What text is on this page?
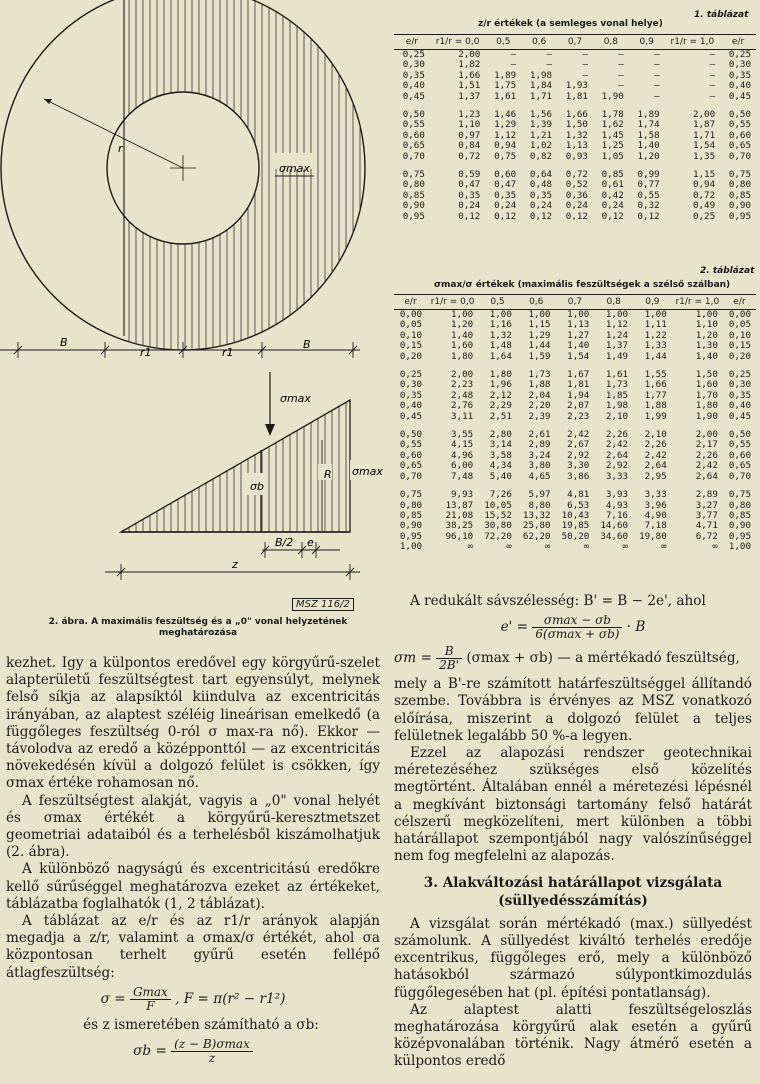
r
σmax
B
r1	r1
B
σmax
R σmax
σb
B/2 e
z
MSZ 116/2
2. ábra. A maximális feszültség és a „0" vonal helyzetének meghatározása
1. táblázat
z/r értékek (a semleges vonal helye)
e/r	r1/r = 0,0	0,5	0,6	0,7	0,8	0,9	r1/r = 1,0	e/r
0,25	2,00	—	—	—	—	—	—	0,25
0,30	1,82	—	—	—	—	—	—	0,30
0,35	1,66	1,89	1,98	—	—	—	—	0,35
0,40	1,51	1,75	1,84	1,93	—	—	—	0,40
0,45	1,37	1,61	1,71	1,81	1,90	—	—	0,45

0,50	1,23	1,46	1,56	1,66	1,78	1,89	2,00	0,50
0,55	1,10	1,29	1,39	1,50	1,62	1,74	1,87	0,55
0,60	0,97	1,12	1,21	1,32	1,45	1,58	1,71	0,60
0,65	0,84	0,94	1,02	1,13	1,25	1,40	1,54	0,65
0,70	0,72	0,75	0,82	0,93	1,05	1,20	1,35	0,70

0,75	0,59	0,60	0,64	0,72	0,85	0,99	1,15	0,75
0,80	0,47	0,47	0,48	0,52	0,61	0,77	0,94	0,80
0,85	0,35	0,35	0,35	0,36	0,42	0,55	0,72	0,85
0,90	0,24	0,24	0,24	0,24	0,24	0,32	0,49	0,90
0,95	0,12	0,12	0,12	0,12	0,12	0,12	0,25	0,95
2. táblázat
σmax/σ értékek (maximális feszültségek a szélső szálban)
e/r	r1/r = 0,0	0,5	0,6	0,7	0,8	0,9	r1/r = 1,0	e/r
0,00	1,00	1,00	1,00	1,00	1,00	1,00	1,00	0,00
0,05	1,20	1,16	1,15	1,13	1,12	1,11	1,10	0,05
0,10	1,40	1,32	1,29	1,27	1,24	1,22	1,20	0,10
0,15	1,60	1,48	1,44	1,40	1,37	1,33	1,30	0,15
0,20	1,80	1,64	1,59	1,54	1,49	1,44	1,40	0,20

0,25	2,00	1,80	1,73	1,67	1,61	1,55	1,50	0,25
0,30	2,23	1,96	1,88	1,81	1,73	1,66	1,60	0,30
0,35	2,48	2,12	2,04	1,94	1,85	1,77	1,70	0,35
0,40	2,76	2,29	2,20	2,07	1,98	1,88	1,80	0,40
0,45	3,11	2,51	2,39	2,23	2,10	1,99	1,90	0,45

0,50	3,55	2,80	2,61	2,42	2,26	2,10	2,00	0,50
0,55	4,15	3,14	2,89	2,67	2,42	2,26	2,17	0,55
0,60	4,96	3,58	3,24	2,92	2,64	2,42	2,26	0,60
0,65	6,00	4,34	3,80	3,30	2,92	2,64	2,42	0,65
0,70	7,48	5,40	4,65	3,86	3,33	2,95	2,64	0,70

0,75	9,93	7,26	5,97	4,81	3,93	3,33	2,89	0,75
0,80	13,87	10,05	8,80	6,53	4,93	3,96	3,27	0,80
0,85	21,08	15,52	13,32	10,43	7,16	4,90	3,77	0,85
0,90	38,25	30,80	25,80	19,85	14,60	7,18	4,71	0,90
0,95	96,10	72,20	62,20	50,20	34,60	19,80	6,72	0,95
1,00	∞	∞	∞	∞	∞	∞	∞	1,00

kezhet. Igy a külpontos eredővel egy körgyűrű-szelet alapterületű feszültségtest tart egyensúlyt, melynek felső síkja az alapsíktól kiindulva az excentricitás irányában, az alaptest széléig lineárisan emelkedő (a függőleges feszültség 0-ról σ max-ra nő). Ekkor — távolodva az eredő a középponttól — az excentricitás növekedésén kívül a dolgozó felület is csökken, így σmax értéke rohamosan nő.

A feszültségtest alakját, vagyis a „0" vonal helyét és σmax értékét a körgyűrű-keresztmetszet geometriai adataiból és a terhelésből kiszámolhatjuk (2. ábra).

A különböző nagyságú és excentricitású eredőkre kellő sűrűséggel meghatározva ezeket az értékeket, táblázatba foglalhatók (1, 2 táblázat).

A táblázat az e/r és az r1/r arányok alapján megadja a z/r, valamint a σmax/σ értékét, ahol σa központosan terhelt gyűrű esetén fellépő átlagfeszültség:

$\sigma = \frac{Gmax}{F}$ , F = π(r² − r1²)

és z ismeretében számítható a σb:

$\sigma b = \frac{(z - B)\sigma\max}{z}$

A redukált sávszélesség: B' = B − 2e', ahol

$e' = \frac{\sigma\max - \sigma b}{6(\sigma\max + \sigma b)} \cdot B$

$\sigma m = \frac{B}{2B'} (\sigma\max + \sigma b)$ — a mértékadó feszültség,

mely a B'-re számított határfeszültséggel állítandó szembe. Továbbra is érvényes az MSZ vonatkozó előírása, miszerint a dolgozó felület a teljes felületnek legalább 50 %-a legyen.

Ezzel az alapozási rendszer geotechnikai méretezéséhez szükséges első közelítés megtörtént. Általában ennél a méretezési lépésnél a megkívánt biztonsági tartomány felső határát célszerű megközelíteni, mert különben a többi határállapot szempontjából nagy valószínűséggel nem fog megfelelni az alapozás.

3. Alakváltozási határállapot vizsgálata (süllyedésszámítás)

A vizsgálat során mértékadó (max.) süllyedést számolunk. A süllyedést kiváltó terhelés eredője excentrikus, függőleges erő, mely a különböző hatásokból származó súlypontkimozdulás függőlegesében hat (pl. építési pontatlanság).

Az alaptest alatti feszültségeloszlás meghatározása körgyűrű alak esetén a gyűrű középvonalában történik. Nagy átmérő esetén a külpontos eredő
